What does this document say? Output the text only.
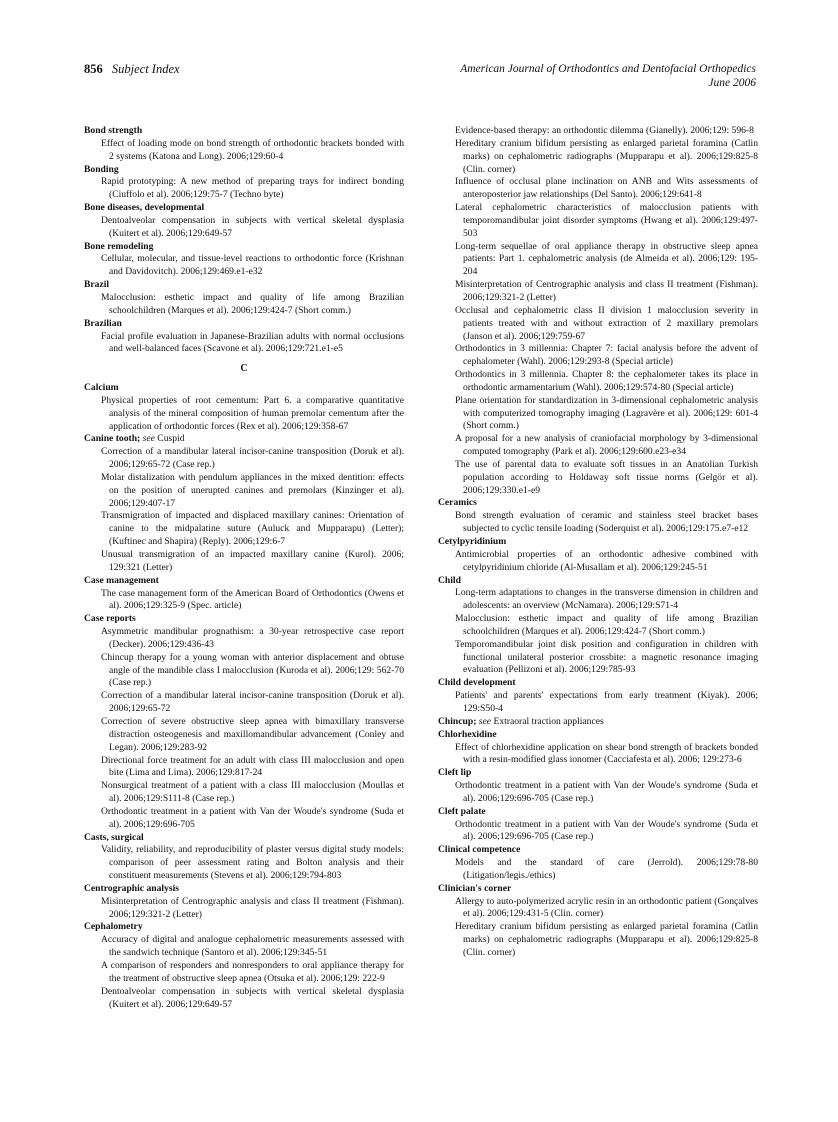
856 Subject Index	American Journal of Orthodontics and Dentofacial Orthopedics
June 2006
Bond strength
Effect of loading mode on bond strength of orthodontic brackets bonded with 2 systems (Katona and Long). 2006;129:60-4
Bonding
Rapid prototyping: A new method of preparing trays for indirect bonding (Ciuffolo et al). 2006;129:75-7 (Techno byte)
Bone diseases, developmental
Dentoalveolar compensation in subjects with vertical skeletal dysplasia (Kuitert et al). 2006;129:649-57
Bone remodeling
Cellular, molecular, and tissue-level reactions to orthodontic force (Krishnan and Davidovitch). 2006;129:469.e1-e32
Brazil
Malocclusion: esthetic impact and quality of life among Brazilian schoolchildren (Marques et al). 2006;129:424-7 (Short comm.)
Brazilian
Facial profile evaluation in Japanese-Brazilian adults with normal occlusions and well-balanced faces (Scavone et al). 2006;129:721.e1-e5
C
Calcium
Physical properties of root cementum: Part 6. a comparative quantitative analysis of the mineral composition of human premolar cementum after the application of orthodontic forces (Rex et al). 2006;129:358-67
Canine tooth; see Cuspid
Correction of a mandibular lateral incisor-canine transposition (Doruk et al). 2006;129:65-72 (Case rep.)
Molar distalization with pendulum appliances in the mixed dentition: effects on the position of unerupted canines and premolars (Kinzinger et al). 2006;129:407-17
Transmigration of impacted and displaced maxillary canines: Orientation of canine to the midpalatine suture (Auluck and Mupparapu) (Letter); (Kuftinec and Shapira) (Reply). 2006;129:6-7
Unusual transmigration of an impacted maxillary canine (Kurol). 2006; 129:321 (Letter)
Case management
The case management form of the American Board of Orthodontics (Owens et al). 2006;129:325-9 (Spec. article)
Case reports
Asymmetric mandibular prognathism: a 30-year retrospective case report (Decker). 2006;129:436-43
Chincup therapy for a young woman with anterior displacement and obtuse angle of the mandible class I malocclusion (Kuroda et al). 2006;129: 562-70 (Case rep.)
Correction of a mandibular lateral incisor-canine transposition (Doruk et al). 2006;129:65-72
Correction of severe obstructive sleep apnea with bimaxillary transverse distraction osteogenesis and maxillomandibular advancement (Conley and Legan). 2006;129:283-92
Directional force treatment for an adult with class III malocclusion and open bite (Lima and Lima). 2006;129:817-24
Nonsurgical treatment of a patient with a class III malocclusion (Moullas et al). 2006;129:S111-8 (Case rep.)
Orthodontic treatment in a patient with Van der Woude's syndrome (Suda et al). 2006;129:696-705
Casts, surgical
Validity, reliability, and reproducibility of plaster versus digital study models: comparison of peer assessment rating and Bolton analysis and their constituent measurements (Stevens et al). 2006;129:794-803
Centrographic analysis
Misinterpretation of Centrographic analysis and class II treatment (Fishman). 2006;129:321-2 (Letter)
Cephalometry
Accuracy of digital and analogue cephalometric measurements assessed with the sandwich technique (Santoro et al). 2006;129:345-51
A comparison of responders and nonresponders to oral appliance therapy for the treatment of obstructive sleep apnea (Otsuka et al). 2006;129: 222-9
Dentoalveolar compensation in subjects with vertical skeletal dysplasia (Kuitert et al). 2006;129:649-57
Evidence-based therapy: an orthodontic dilemma (Gianelly). 2006;129: 596-8
Hereditary cranium bifidum persisting as enlarged parietal foramina (Catlin marks) on cephalometric radiographs (Mupparapu et al). 2006;129:825-8 (Clin. corner)
Influence of occlusal plane inclination on ANB and Wits assessments of anteroposterior jaw relationships (Del Santo). 2006;129:641-8
Lateral cephalometric characteristics of malocclusion patients with temporomandibular joint disorder symptoms (Hwang et al). 2006;129:497-503
Long-term sequellae of oral appliance therapy in obstructive sleep apnea patients: Part 1. cephalometric analysis (de Almeida et al). 2006;129: 195-204
Misinterpretation of Centrographic analysis and class II treatment (Fishman). 2006;129:321-2 (Letter)
Occlusal and cephalometric class II division 1 malocclusion severity in patients treated with and without extraction of 2 maxillary premolars (Janson et al). 2006;129:759-67
Orthodontics in 3 millennia: Chapter 7: facial analysis before the advent of cephalometer (Wahl). 2006;129:293-8 (Special article)
Orthodontics in 3 millennia. Chapter 8: the cephalometer takes its place in orthodontic armamentarium (Wahl). 2006;129:574-80 (Special article)
Plane orientation for standardization in 3-dimensional cephalometric analysis with computerized tomography imaging (Lagravère et al). 2006;129: 601-4 (Short comm.)
A proposal for a new analysis of craniofacial morphology by 3-dimensional computed tomography (Park et al). 2006;129:600.e23-e34
The use of parental data to evaluate soft tissues in an Anatolian Turkish population according to Holdaway soft tissue norms (Gelgör et al). 2006;129:330.e1-e9
Ceramics
Bond strength evaluation of ceramic and stainless steel bracket bases subjected to cyclic tensile loading (Soderquist et al). 2006;129:175.e7-e12
Cetylpyridinium
Antimicrobial properties of an orthodontic adhesive combined with cetylpyridinium chloride (Al-Musallam et al). 2006;129:245-51
Child
Long-term adaptations to changes in the transverse dimension in children and adolescents: an overview (McNamara). 2006;129:S71-4
Malocclusion: esthetic impact and quality of life among Brazilian schoolchildren (Marques et al). 2006;129:424-7 (Short comm.)
Temporomandibular joint disk position and configuration in children with functional unilateral posterior crossbite: a magnetic resonance imaging evaluation (Pellizoni et al). 2006;129:785-93
Child development
Patients' and parents' expectations from early treatment (Kiyak). 2006; 129:S50-4
Chincup; see Extraoral traction appliances
Chlorhexidine
Effect of chlorhexidine application on shear bond strength of brackets bonded with a resin-modified glass ionomer (Cacciafesta et al). 2006; 129:273-6
Cleft lip
Orthodontic treatment in a patient with Van der Woude's syndrome (Suda et al). 2006;129:696-705 (Case rep.)
Cleft palate
Orthodontic treatment in a patient with Van der Woude's syndrome (Suda et al). 2006;129:696-705 (Case rep.)
Clinical competence
Models and the standard of care (Jerrold). 2006;129:78-80 (Litigation/legis./ethics)
Clinician's corner
Allergy to auto-polymerized acrylic resin in an orthodontic patient (Gonçalves et al). 2006;129:431-5 (Clin. corner)
Hereditary cranium bifidum persisting as enlarged parietal foramina (Catlin marks) on cephalometric radiographs (Mupparapu et al). 2006;129:825-8 (Clin. corner)
